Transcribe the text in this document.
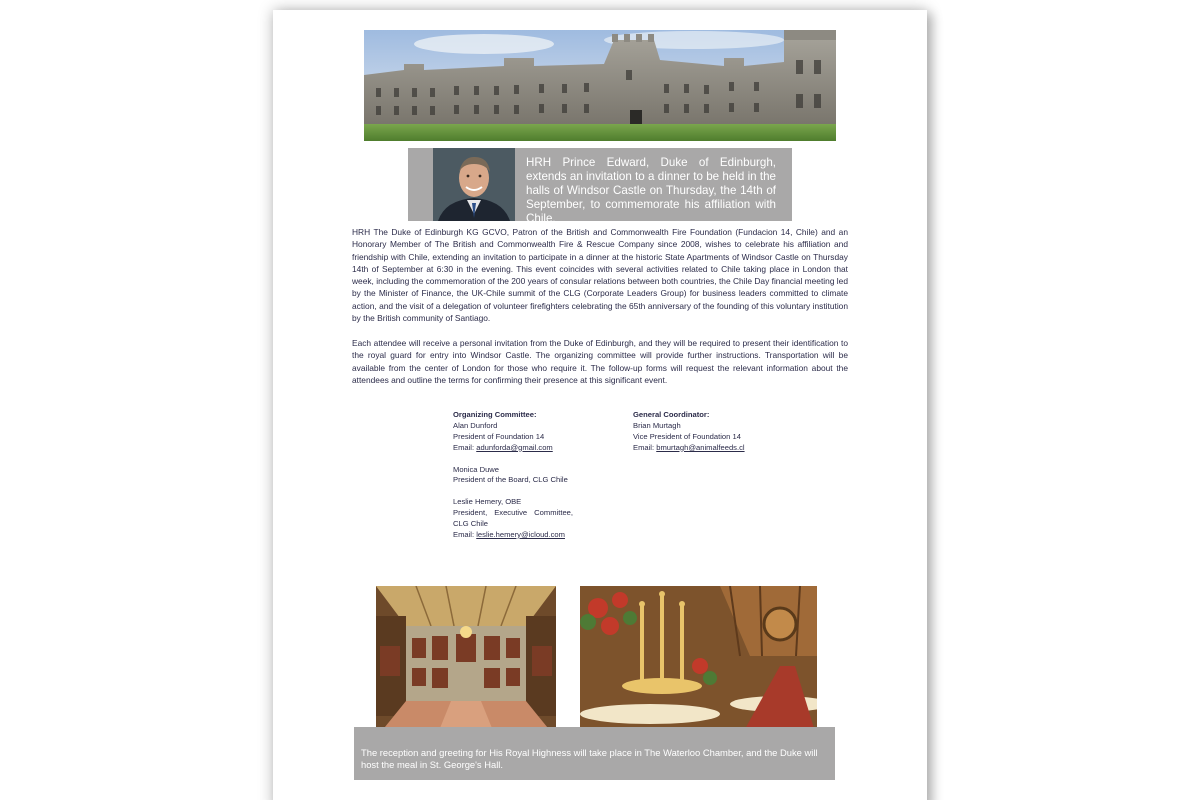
HRH Prince Edward, Duke of Edinburgh, extends an invitation to a dinner to be held in the halls of Windsor Castle on Thursday, the 14th of September, to commemorate his affiliation with Chile.
HRH The Duke of Edinburgh KG GCVO, Patron of the British and Commonwealth Fire Foundation (Fundacion 14, Chile) and an Honorary Member of The British and Commonwealth Fire & Rescue Company since 2008, wishes to celebrate his affiliation and friendship with Chile, extending an invitation to participate in a dinner at the historic State Apartments of Windsor Castle on Thursday 14th of September at 6:30 in the evening. This event coincides with several activities related to Chile taking place in London that week, including the commemoration of the 200 years of consular relations between both countries, the Chile Day financial meeting led by the Minister of Finance, the UK-Chile summit of the CLG (Corporate Leaders Group) for business leaders committed to climate action, and the visit of a delegation of volunteer firefighters celebrating the 65th anniversary of the founding of this voluntary institution by the British community of Santiago.
Each attendee will receive a personal invitation from the Duke of Edinburgh, and they will be required to present their identification to the royal guard for entry into Windsor Castle. The organizing committee will provide further instructions. Transportation will be available from the center of London for those who require it. The follow-up forms will request the relevant information about the attendees and outline the terms for confirming their presence at this significant event.
Organizing Committee:
Alan Dunford
President of Foundation 14
Email: adunforda@gmail.com
Monica Duwe
President of the Board, CLG Chile
Leslie Hemery, OBE
President, Executive Committee,
CLG Chile
Email: leslie.hemery@icloud.com
General Coordinator:
Brian Murtagh
Vice President of Foundation 14
Email: bmurtagh@animalfeeds.cl
The reception and greeting for His Royal Highness will take place in The Waterloo Chamber, and the Duke will host the meal in St. George's Hall.
